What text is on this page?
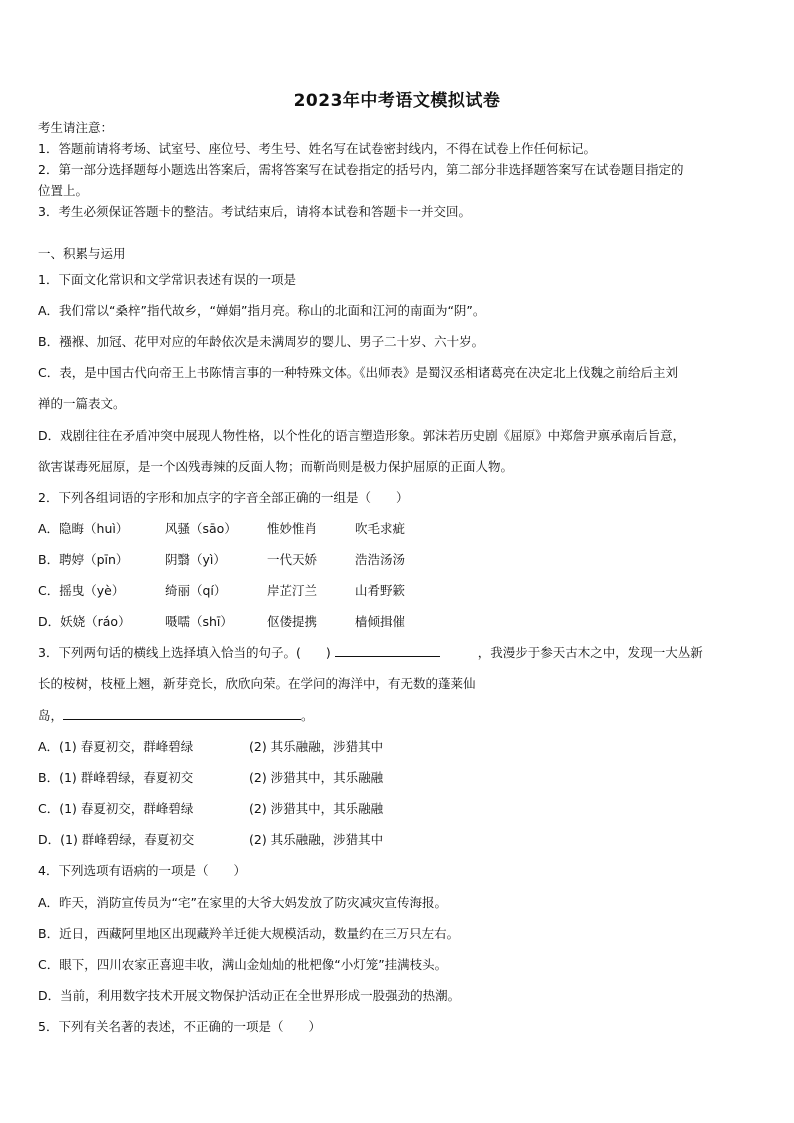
2023年中考语文模拟试卷
考生请注意：
1．答题前请将考场、试室号、座位号、考生号、姓名写在试卷密封线内，不得在试卷上作任何标记。
2．第一部分选择题每小题选出答案后，需将答案写在试卷指定的括号内，第二部分非选择题答案写在试卷题目指定的
位置上。
3．考生必须保证答题卡的整洁。考试结束后，请将本试卷和答题卡一并交回。
一、积累与运用
1．下面文化常识和文学常识表述有误的一项是
A．我们常以“桑梓”指代故乡，“婵娟”指月亮。称山的北面和江河的南面为“阴”。
B．襁褓、加冠、花甲对应的年龄依次是未满周岁的婴儿、男子二十岁、六十岁。
C．表，是中国古代向帝王上书陈情言事的一种特殊文体。《出师表》是蜀汉丞相诸葛亮在决定北上伐魏之前给后主刘
禅的一篇表文。
D．戏剧往往在矛盾冲突中展现人物性格，以个性化的语言塑造形象。郭沫若历史剧《屈原》中郑詹尹禀承南后旨意，
欲害谋毒死屈原，是一个凶残毒辣的反面人物；而靳尚则是极力保护屈原的正面人物。
2．下列各组词语的字形和加点字的字音全部正确的一组是（　　）
A．隐晦（huì）	风骚（sāo） 惟妙惟肖	吹毛求疵
B．聘婷（pīn）	阴翳（yì）	一代天娇	浩浩汤汤
C．摇曳（yè）	绮丽（qí）	岸芷汀兰	山肴野簌
D．妖娆（ráo）	嗫嚅（shī）	伛偻提携	樯倾揖催
3．下列两句话的横线上选择填入恰当的句子。(　　)	，我漫步于参天古木之中，发现一大丛新
长的桉树，枝桠上翘，新芽竞长，欣欣向荣。在学问的海洋中，有无数的蓬莱仙
岛，	。
A．(1) 春夏初交，群峰碧绿	(2) 其乐融融，涉猎其中
B．(1) 群峰碧绿，春夏初交	(2) 涉猎其中，其乐融融
C．(1) 春夏初交，群峰碧绿	(2) 涉猎其中，其乐融融
D．(1) 群峰碧绿，春夏初交	(2) 其乐融融，涉猎其中
4．下列选项有语病的一项是（　　）
A．昨天，消防宣传员为“宅”在家里的大爷大妈发放了防灾减灾宣传海报。
B．近日，西藏阿里地区出现藏羚羊迁徙大规模活动，数量约在三万只左右。
C．眼下，四川农家正喜迎丰收，满山金灿灿的枇杷像“小灯笼”挂满枝头。
D．当前，利用数字技术开展文物保护活动正在全世界形成一股强劲的热潮。
5．下列有关名著的表述，不正确的一项是（　　）
